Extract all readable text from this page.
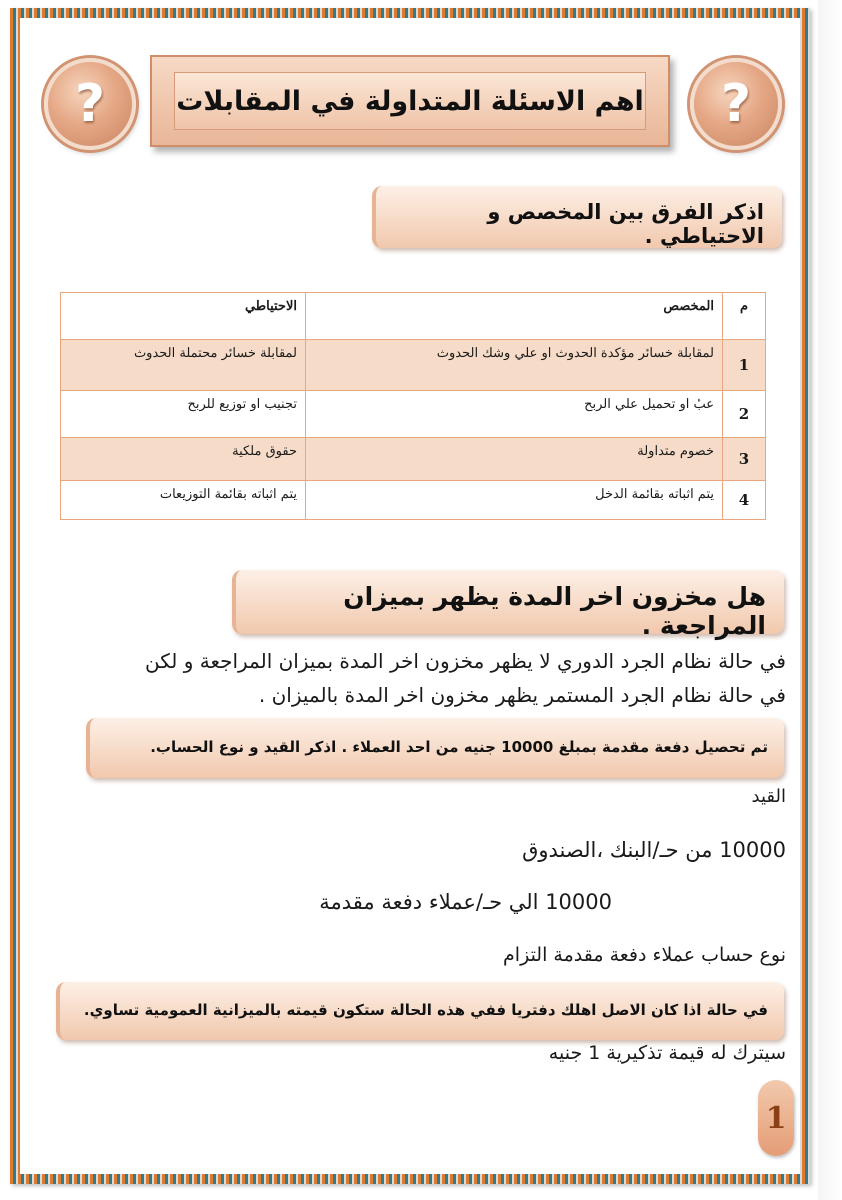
?	?
اهم الاسئلة المتداولة في المقابلات
اذكر الفرق بين المخصص و الاحتياطي .
م	المخصص	الاحتياطي
1	لمقابلة خسائر مؤكدة الحدوث او علي وشك الحدوث	لمقابلة خسائر محتملة الحدوث
2	عبٔ او تحميل علي الربح	تجنيب او توزيع للربح
3	خصوم متداولة	حقوق ملكية
4	يتم اثباته بقائمة الدخل	يتم اثباته بقائمة التوزيعات
هل مخزون اخر المدة يظهر بميزان المراجعة .
في حالة نظام الجرد الدوري لا يظهر مخزون اخر المدة بميزان المراجعة و لكن
في حالة نظام الجرد المستمر يظهر مخزون اخر المدة بالميزان .
تم تحصيل دفعة مقدمة بمبلغ 10000 جنيه من احد العملاء . اذكر القيد و نوع الحساب.
القيد
10000 من حـ/البنك ،الصندوق
10000 الي حـ/عملاء دفعة مقدمة
نوع حساب عملاء دفعة مقدمة التزام
في حالة اذا كان الاصل اهلك دفتريا ففي هذه الحالة ستكون قيمته بالميزانية العمومية تساوي.
سيترك له قيمة تذكيرية 1 جنيه
1
